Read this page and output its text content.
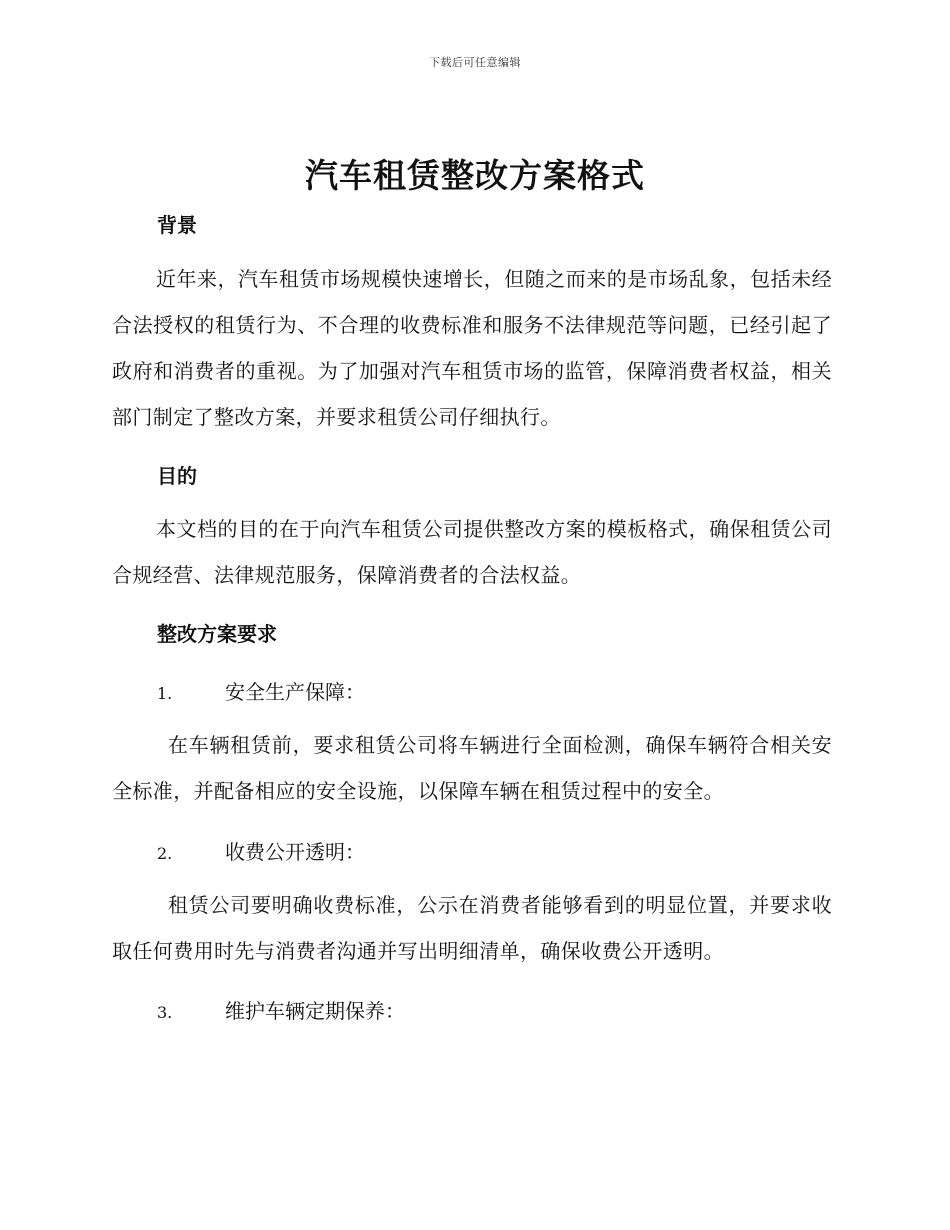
下载后可任意编辑
汽车租赁整改方案格式
背景

近年来，汽车租赁市场规模快速增长，但随之而来的是市场乱象，包括未经合法授权的租赁行为、不合理的收费标准和服务不法律规范等问题，已经引起了政府和消费者的重视。为了加强对汽车租赁市场的监管，保障消费者权益，相关部门制定了整改方案，并要求租赁公司仔细执行。

目的

本文档的目的在于向汽车租赁公司提供整改方案的模板格式，确保租赁公司合规经营、法律规范服务，保障消费者的合法权益。

整改方案要求
1.	安全生产保障：

在车辆租赁前，要求租赁公司将车辆进行全面检测，确保车辆符合相关安全标准，并配备相应的安全设施，以保障车辆在租赁过程中的安全。

2.	收费公开透明：

租赁公司要明确收费标准，公示在消费者能够看到的明显位置，并要求收取任何费用时先与消费者沟通并写出明细清单，确保收费公开透明。

3.	维护车辆定期保养：
